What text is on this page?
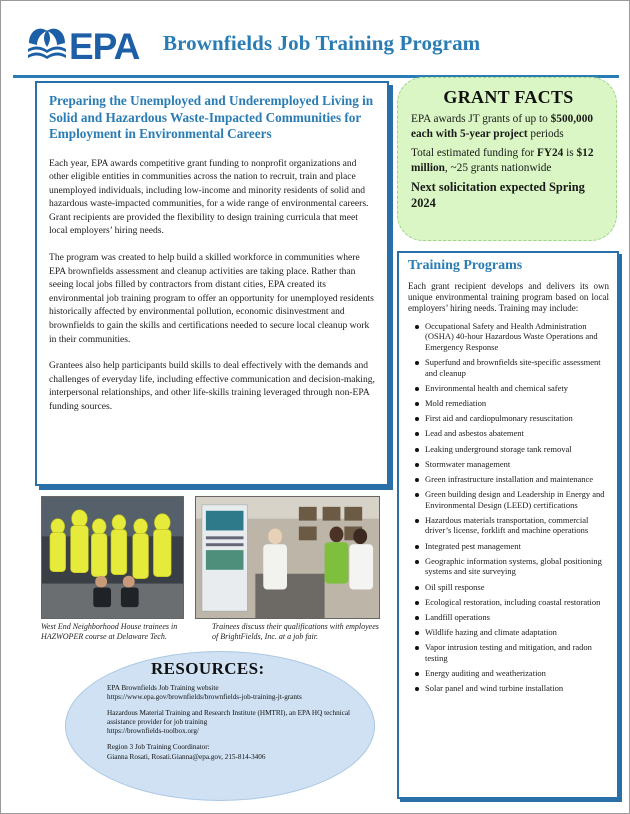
EPA Brownfields Job Training Program
Preparing the Unemployed and Underemployed Living in Solid and Hazardous Waste-Impacted Communities for Employment in Environmental Careers

Each year, EPA awards competitive grant funding to nonprofit organizations and other eligible entities in communities across the nation to recruit, train and place unemployed individuals, including low-income and minority residents of solid and hazardous waste-impacted communities, for a wide range of environmental careers. Grant recipients are provided the flexibility to design training curricula that meet local employers’ hiring needs.

The program was created to help build a skilled workforce in communities where EPA brownfields assessment and cleanup activities are taking place. Rather than seeing local jobs filled by contractors from distant cities, EPA created its environmental job training program to offer an opportunity for unemployed residents historically affected by environmental pollution, economic disinvestment and brownfields to gain the skills and certifications needed to secure local cleanup work in their communities.

Grantees also help participants build skills to deal effectively with the demands and challenges of everyday life, including effective communication and decision-making, interpersonal relationships, and other life-skills training leveraged through non-EPA funding sources.

GRANT FACTS
EPA awards JT grants of up to $500,000 each with 5-year project periods
Total estimated funding for FY24 is $12 million, ~25 grants nationwide
Next solicitation expected Spring 2024
Training Programs

Each grant recipient develops and delivers its own unique environmental training program based on local employers’ hiring needs. Training may include:

Occupational Safety and Health Administration (OSHA) 40-hour Hazardous Waste Operations and Emergency Response
Superfund and brownfields site-specific assessment and cleanup
Environmental health and chemical safety
Mold remediation
First aid and cardiopulmonary resuscitation
Lead and asbestos abatement
Leaking underground storage tank removal
Stormwater management
Green infrastructure installation and maintenance
Green building design and Leadership in Energy and Environmental Design (LEED) certifications
Hazardous materials transportation, commercial driver’s license, forklift and machine operations
Integrated pest management
Geographic information systems, global positioning systems and site surveying
Oil spill response
Ecological restoration, including coastal restoration
Landfill operations
Wildlife hazing and climate adaptation
Vapor intrusion testing and mitigation, and radon testing
Energy auditing and weatherization
Solar panel and wind turbine installation
West End Neighborhood House trainees in HAZWOPER course at Delaware Tech.
Trainees discuss their qualifications with employees of BrightFields, Inc. at a job fair.
RESOURCES:
EPA Brownfields Job Training website
https://www.epa.gov/brownfields/brownfields-job-training-jt-grants
Hazardous Material Training and Research Institute (HMTRI), an EPA HQ technical assistance provider for job training
https://brownfields-toolbox.org/
Region 3 Job Training Coordinator:
Gianna Rosati, Rosati.Gianna@epa.gov, 215-814-3406
